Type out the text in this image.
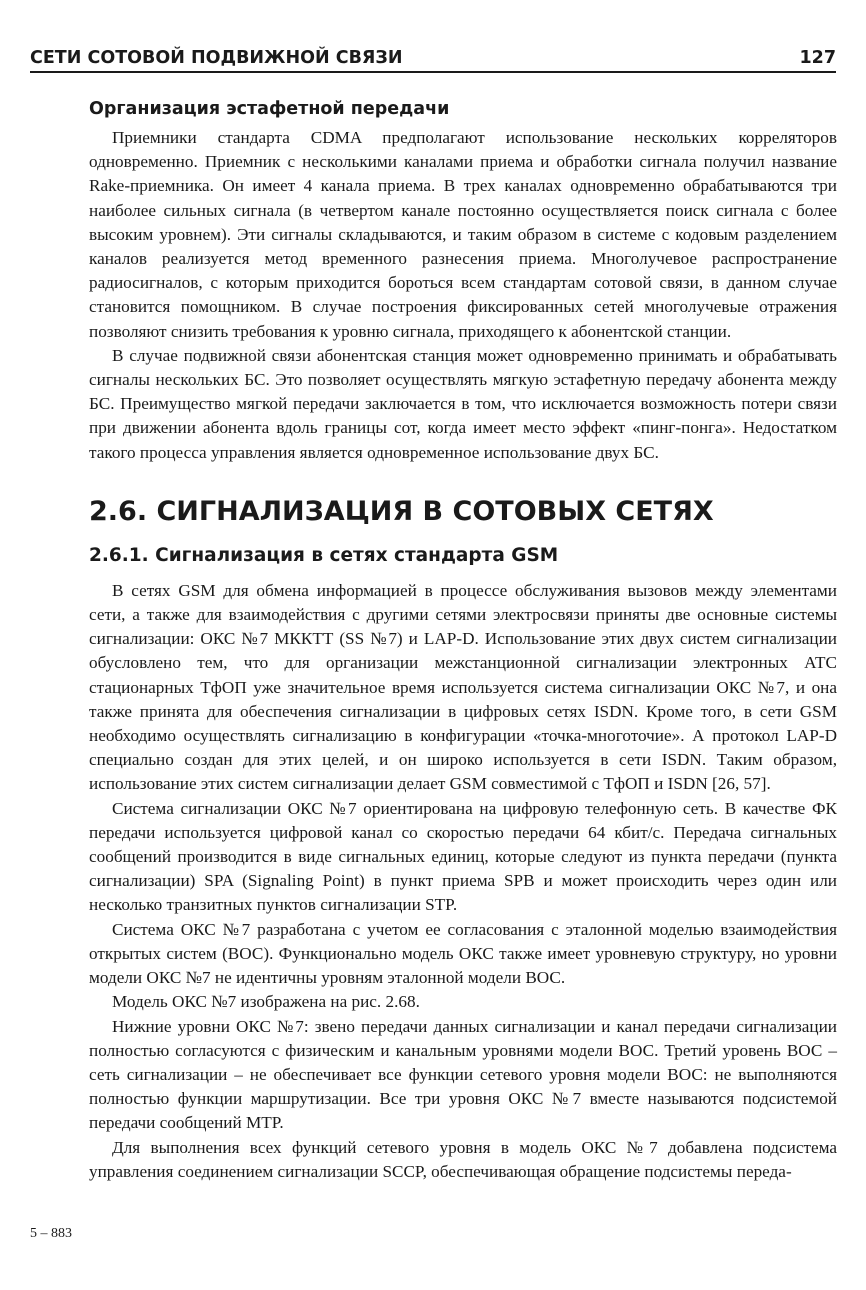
СЕТИ СОТОВОЙ ПОДВИЖНОЙ СВЯЗИ	127
Организация эстафетной передачи

Приемники стандарта CDMA предполагают использование нескольких корреляторов одновременно. Приемник с несколькими каналами приема и обработки сигнала получил название Rake-приемника. Он имеет 4 канала приема. В трех каналах одновременно обрабатываются три наиболее сильных сигнала (в четвертом канале постоянно осуществляется поиск сигнала с более высоким уровнем). Эти сигналы складываются, и таким образом в системе с кодовым разделением каналов реализуется метод временного разнесения приема. Многолучевое распространение радиосигналов, с которым приходится бороться всем стандартам сотовой связи, в данном случае становится помощником. В случае построения фиксированных сетей многолучевые отражения позволяют снизить требования к уровню сигнала, приходящего к абонентской станции.

В случае подвижной связи абонентская станция может одновременно принимать и обрабатывать сигналы нескольких БС. Это позволяет осуществлять мягкую эстафетную передачу абонента между БС. Преимущество мягкой передачи заключается в том, что исключается возможность потери связи при движении абонента вдоль границы сот, когда имеет место эффект «пинг-понга». Недостатком такого процесса управления является одновременное использование двух БС.

2.6. СИГНАЛИЗАЦИЯ В СОТОВЫХ СЕТЯХ
2.6.1. Сигнализация в сетях стандарта GSM

В сетях GSM для обмена информацией в процессе обслуживания вызовов между элементами сети, а также для взаимодействия с другими сетями электросвязи приняты две основные системы сигнализации: ОКС №7 МККТТ (SS №7) и LAP-D. Использование этих двух систем сигнализации обусловлено тем, что для организации межстанционной сигнализации электронных АТС стационарных ТфОП уже значительное время используется система сигнализации ОКС №7, и она также принята для обеспечения сигнализации в цифровых сетях ISDN. Кроме того, в сети GSM необходимо осуществлять сигнализацию в конфигурации «точка-многоточие». А протокол LAP-D специально создан для этих целей, и он широко используется в сети ISDN. Таким образом, использование этих систем сигнализации делает GSM совместимой с ТфОП и ISDN [26, 57].

Система сигнализации ОКС №7 ориентирована на цифровую телефонную сеть. В качестве ФК передачи используется цифровой канал со скоростью передачи 64 кбит/с. Передача сигнальных сообщений производится в виде сигнальных единиц, которые следуют из пункта передачи (пункта сигнализации) SPA (Signaling Point) в пункт приема SPB и может происходить через один или несколько транзитных пунктов сигнализации STP.

Система ОКС №7 разработана с учетом ее согласования с эталонной моделью взаимодействия открытых систем (ВОС). Функционально модель ОКС также имеет уровневую структуру, но уровни модели ОКС №7 не идентичны уровням эталонной модели ВОС.

Модель ОКС №7 изображена на рис. 2.68.

Нижние уровни ОКС №7: звено передачи данных сигнализации и канал передачи сигнализации полностью согласуются с физическим и канальным уровнями модели ВОС. Третий уровень ВОС – сеть сигнализации – не обеспечивает все функции сетевого уровня модели ВОС: не выполняются полностью функции маршрутизации. Все три уровня ОКС №7 вместе называются подсистемой передачи сообщений MTP.

Для выполнения всех функций сетевого уровня в модель ОКС №7 добавлена подсистема управления соединением сигнализации SCCP, обеспечивающая обращение подсистемы переда-

5 – 883
